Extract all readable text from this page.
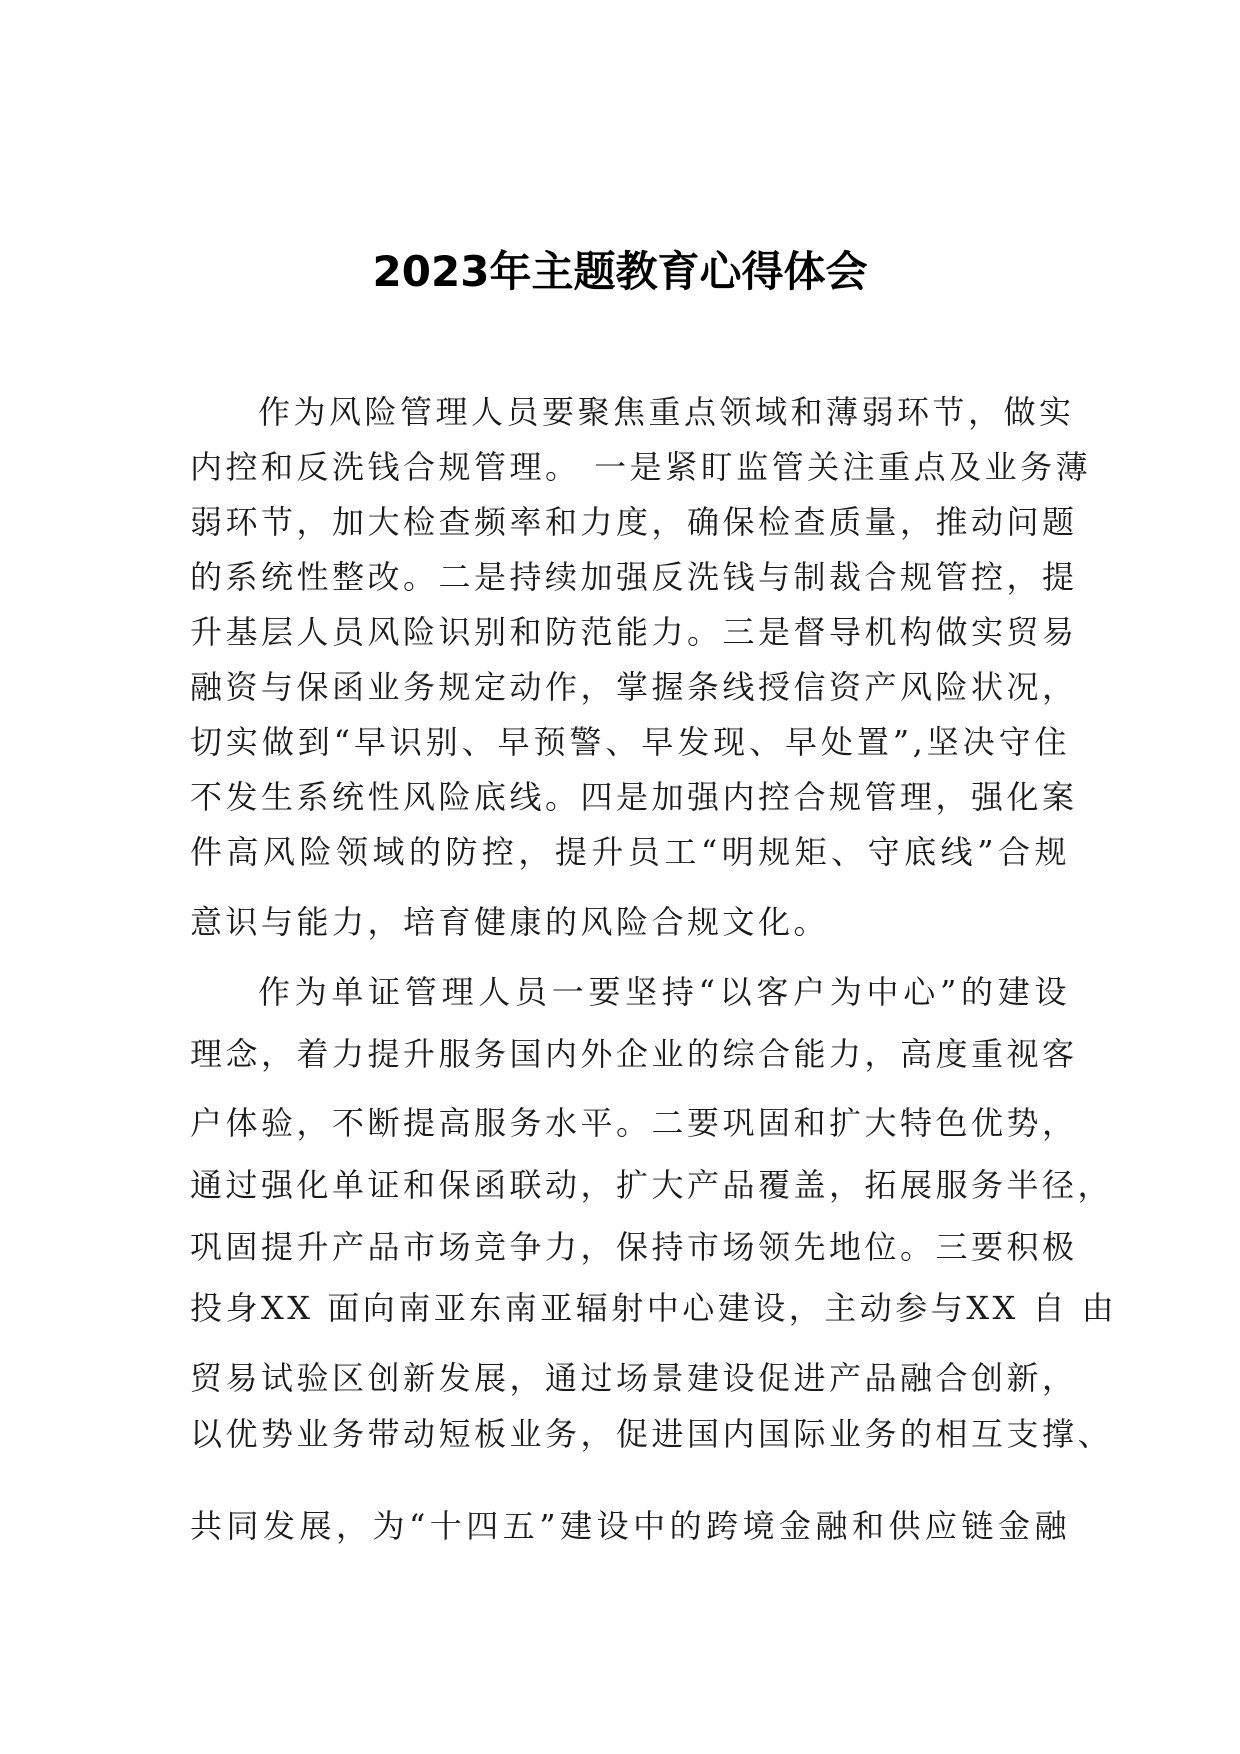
2023年主题教育心得体会
作为风险管理人员要聚焦重点领域和薄弱环节，做实
内控和反洗钱合规管理。 一是紧盯监管关注重点及业务薄
弱环节，加大检查频率和力度，确保检查质量，推动问题
的系统性整改。二是持续加强反洗钱与制裁合规管控，提
升基层人员风险识别和防范能力。三是督导机构做实贸易
融资与保函业务规定动作，掌握条线授信资产风险状况，
切实做到“早识别、早预警、早发现、早处置”,坚决守住
不发生系统性风险底线。四是加强内控合规管理，强化案
件高风险领域的防控，提升员工“明规矩、守底线”合规
意识与能力，培育健康的风险合规文化。
作为单证管理人员一要坚持“以客户为中心”的建设
理念，着力提升服务国内外企业的综合能力，高度重视客
户体验，不断提高服务水平。二要巩固和扩大特色优势，
通过强化单证和保函联动，扩大产品覆盖，拓展服务半径，
巩固提升产品市场竞争力，保持市场领先地位。三要积极
投身XX 面向南亚东南亚辐射中心建设，主动参与XX 自 由
贸易试验区创新发展，通过场景建设促进产品融合创新，
以优势业务带动短板业务，促进国内国际业务的相互支撑、
共同发展，为“十四五”建设中的跨境金融和供应链金融
